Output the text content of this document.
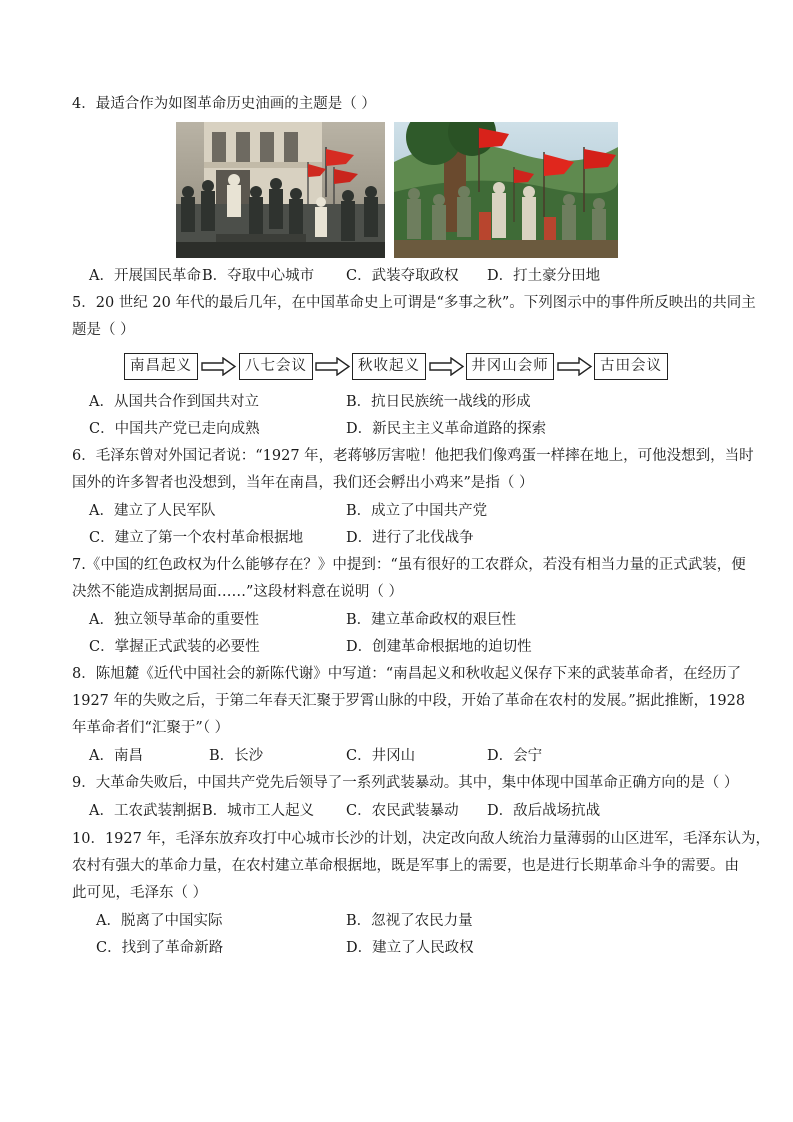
4．最适合作为如图革命历史油画的主题是（ ）
A．开展国民革命 B．夺取中心城市 C．武装夺取政权 D．打土豪分田地
5．20 世纪 20 年代的最后几年，在中国革命史上可谓是“多事之秋”。下列图示中的事件所反映出的共同主
题是（ ）
南昌起义	八七会议	秋收起义	井冈山会师	古田会议
A．从国共合作到国共对立	B．抗日民族统一战线的形成
C．中国共产党已走向成熟	D．新民主主义革命道路的探索
6．毛泽东曾对外国记者说：“1927 年，老蒋够厉害啦！他把我们像鸡蛋一样摔在地上，可他没想到，当时
国外的许多智者也没想到，当年在南昌，我们还会孵出小鸡来”是指（ ）
A．建立了人民军队	B．成立了中国共产党
C．建立了第一个农村革命根据地	D．进行了北伐战争
7.《中国的红色政权为什么能够存在？》中提到：“虽有很好的工农群众，若没有相当力量的正式武装，便
决然不能造成割据局面……”这段材料意在说明（ ）
A．独立领导革命的重要性	B．建立革命政权的艰巨性
C．掌握正式武装的必要性	D．创建革命根据地的迫切性
8．陈旭麓《近代中国社会的新陈代谢》中写道：“南昌起义和秋收起义保存下来的武装革命者，在经历了
1927 年的失败之后，于第二年春天汇聚于罗霄山脉的中段，开始了革命在农村的发展。”据此推断，1928
年革命者们“汇聚于”（ ）
A．南昌	B．长沙	C．井冈山	D．会宁
9．大革命失败后，中国共产党先后领导了一系列武装暴动。其中，集中体现中国革命正确方向的是（ ）
A．工农武装割据 B．城市工人起义 C．农民武装暴动 D．敌后战场抗战
10．1927 年，毛泽东放弃攻打中心城市长沙的计划，决定改向敌人统治力量薄弱的山区进军，毛泽东认为，
农村有强大的革命力量，在农村建立革命根据地，既是军事上的需要，也是进行长期革命斗争的需要。由
此可见，毛泽东（ ）
A．脱离了中国实际	B．忽视了农民力量
C．找到了革命新路	D．建立了人民政权
